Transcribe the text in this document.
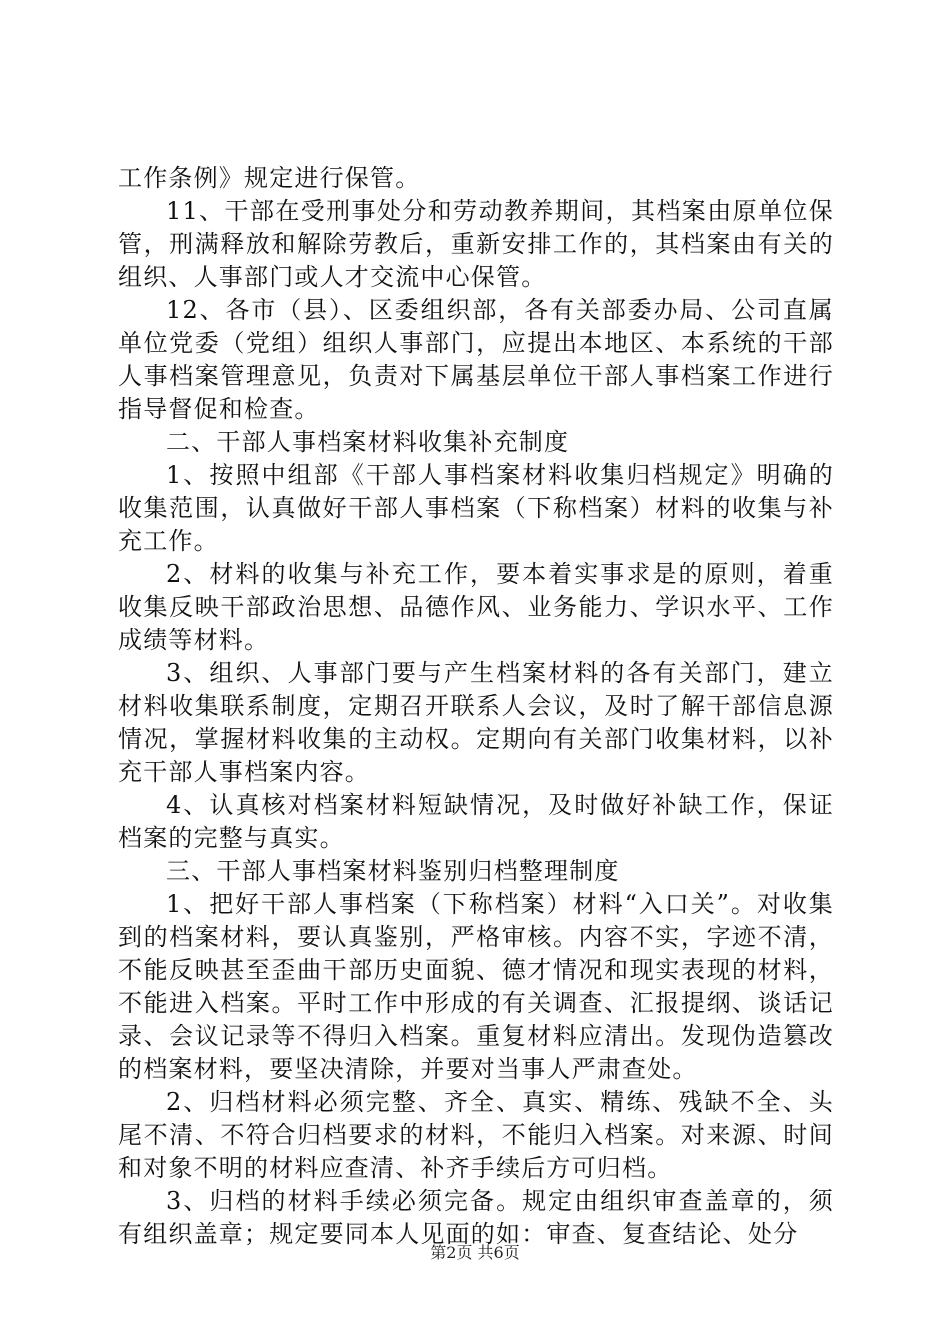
工作条例》规定进行保管。

11、干部在受刑事处分和劳动教养期间，其档案由原单位保管，刑满释放和解除劳教后，重新安排工作的，其档案由有关的组织、人事部门或人才交流中心保管。

12、各市（县）、区委组织部，各有关部委办局、公司直属单位党委（党组）组织人事部门，应提出本地区、本系统的干部人事档案管理意见，负责对下属基层单位干部人事档案工作进行指导督促和检查。

二、干部人事档案材料收集补充制度

1、按照中组部《干部人事档案材料收集归档规定》明确的收集范围，认真做好干部人事档案（下称档案）材料的收集与补充工作。

2、材料的收集与补充工作，要本着实事求是的原则，着重收集反映干部政治思想、品德作风、业务能力、学识水平、工作成绩等材料。

3、组织、人事部门要与产生档案材料的各有关部门，建立材料收集联系制度，定期召开联系人会议，及时了解干部信息源情况，掌握材料收集的主动权。定期向有关部门收集材料，以补充干部人事档案内容。

4、认真核对档案材料短缺情况，及时做好补缺工作，保证档案的完整与真实。

三、干部人事档案材料鉴别归档整理制度

1、把好干部人事档案（下称档案）材料“入口关”。对收集到的档案材料，要认真鉴别，严格审核。内容不实，字迹不清，不能反映甚至歪曲干部历史面貌、德才情况和现实表现的材料，不能进入档案。平时工作中形成的有关调查、汇报提纲、谈话记录、会议记录等不得归入档案。重复材料应清出。发现伪造篡改的档案材料，要坚决清除，并要对当事人严肃查处。

2、归档材料必须完整、齐全、真实、精练、残缺不全、头尾不清、不符合归档要求的材料，不能归入档案。对来源、时间和对象不明的材料应查清、补齐手续后方可归档。

3、归档的材料手续必须完备。规定由组织审查盖章的，须有组织盖章；规定要同本人见面的如：审查、复查结论、处分

第2页 共6页
